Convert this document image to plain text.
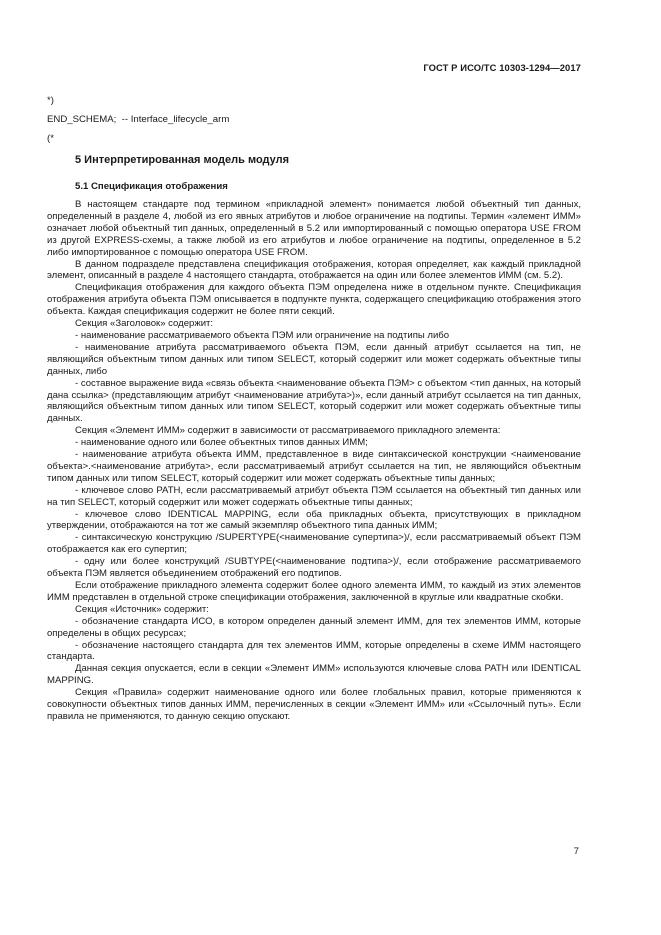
ГОСТ Р ИСО/ТС 10303-1294—2017
*)
END_SCHEMA;  -- Interface_lifecycle_arm
(*
5 Интерпретированная модель модуля
5.1 Спецификация отображения

В настоящем стандарте под термином «прикладной элемент» понимается любой объектный тип данных, определенный в разделе 4, любой из его явных атрибутов и любое ограничение на подтипы. Термин «элемент ИММ» означает любой объектный тип данных, определенный в 5.2 или импортированный с помощью оператора USE FROM из другой EXPRESS-схемы, а также любой из его атрибутов и любое ограничение на подтипы, определенное в 5.2 либо импортированное с помощью оператора USE FROM.

В данном подразделе представлена спецификация отображения, которая определяет, как каждый прикладной элемент, описанный в разделе 4 настоящего стандарта, отображается на один или более элементов ИММ (см. 5.2).

Спецификация отображения для каждого объекта ПЭМ определена ниже в отдельном пункте. Спецификация отображения атрибута объекта ПЭМ описывается в подпункте пункта, содержащего спецификацию отображения этого объекта. Каждая спецификация содержит не более пяти секций.

Секция «Заголовок» содержит:

- наименование рассматриваемого объекта ПЭМ или ограничение на подтипы либо

- наименование атрибута рассматриваемого объекта ПЭМ, если данный атрибут ссылается на тип, не являющийся объектным типом данных или типом SELECT, который содержит или может содержать объектные типы данных, либо

- составное выражение вида «связь объекта <наименование объекта ПЭМ> с объектом <тип данных, на который дана ссылка> (представляющим атрибут <наименование атрибута>)», если данный атрибут ссылается на тип данных, являющийся объектным типом данных или типом SELECT, который содержит или может содержать объектные типы данных.

Секция «Элемент ИММ» содержит в зависимости от рассматриваемого прикладного элемента:

- наименование одного или более объектных типов данных ИММ;

- наименование атрибута объекта ИММ, представленное в виде синтаксической конструкции <наименование объекта>.<наименование атрибута>, если рассматриваемый атрибут ссылается на тип, не являющийся объектным типом данных или типом SELECT, который содержит или может содержать объектные типы данных;

- ключевое слово PATH, если рассматриваемый атрибут объекта ПЭМ ссылается на объектный тип данных или на тип SELECT, который содержит или может содержать объектные типы данных;

- ключевое слово IDENTICAL MAPPING, если оба прикладных объекта, присутствующих в прикладном утверждении, отображаются на тот же самый экземпляр объектного типа данных ИММ;

- синтаксическую конструкцию /SUPERTYPE(<наименование супертипа>)/, если рассматриваемый объект ПЭМ отображается как его супертип;

- одну или более конструкций /SUBTYPE(<наименование подтипа>)/, если отображение рассматриваемого объекта ПЭМ является объединением отображений его подтипов.

Если отображение прикладного элемента содержит более одного элемента ИММ, то каждый из этих элементов ИММ представлен в отдельной строке спецификации отображения, заключенной в круглые или квадратные скобки.

Секция «Источник» содержит:

- обозначение стандарта ИСО, в котором определен данный элемент ИММ, для тех элементов ИММ, которые определены в общих ресурсах;

- обозначение настоящего стандарта для тех элементов ИММ, которые определены в схеме ИММ настоящего стандарта.

Данная секция опускается, если в секции «Элемент ИММ» используются ключевые слова PATH или IDENTICAL MAPPING.

Секция «Правила» содержит наименование одного или более глобальных правил, которые применяются к совокупности объектных типов данных ИММ, перечисленных в секции «Элемент ИММ» или «Ссылочный путь». Если правила не применяются, то данную секцию опускают.

7
